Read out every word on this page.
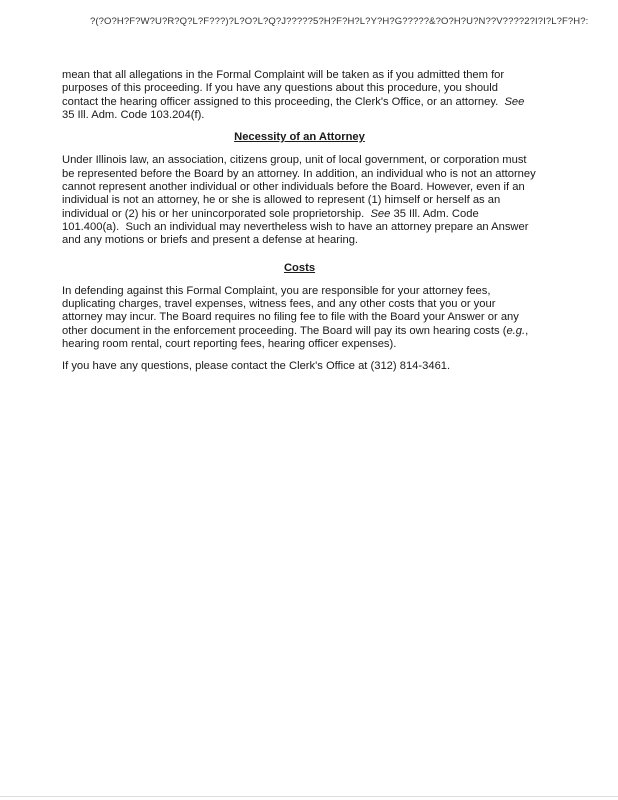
?(?O?H?F?W?U?R?Q?L?F???)?L?O?L?Q?J?????5?H?F?H?L?Y?H?G?????&?O?H?U?N??V????2?I?I?L?F?H?:

mean that all allegations in the Formal Complaint will be taken as if you admitted them for purposes of this proceeding. If you have any questions about this procedure, you should contact the hearing officer assigned to this proceeding, the Clerk's Office, or an attorney. See 35 Ill. Adm. Code 103.204(f).

Necessity of an Attorney

Under Illinois law, an association, citizens group, unit of local government, or corporation must be represented before the Board by an attorney. In addition, an individual who is not an attorney cannot represent another individual or other individuals before the Board. However, even if an individual is not an attorney, he or she is allowed to represent (1) himself or herself as an individual or (2) his or her unincorporated sole proprietorship. See 35 Ill. Adm. Code 101.400(a). Such an individual may nevertheless wish to have an attorney prepare an Answer and any motions or briefs and present a defense at hearing.

Costs

In defending against this Formal Complaint, you are responsible for your attorney fees, duplicating charges, travel expenses, witness fees, and any other costs that you or your attorney may incur. The Board requires no filing fee to file with the Board your Answer or any other document in the enforcement proceeding. The Board will pay its own hearing costs (e.g., hearing room rental, court reporting fees, hearing officer expenses).

If you have any questions, please contact the Clerk's Office at (312) 814-3461.
